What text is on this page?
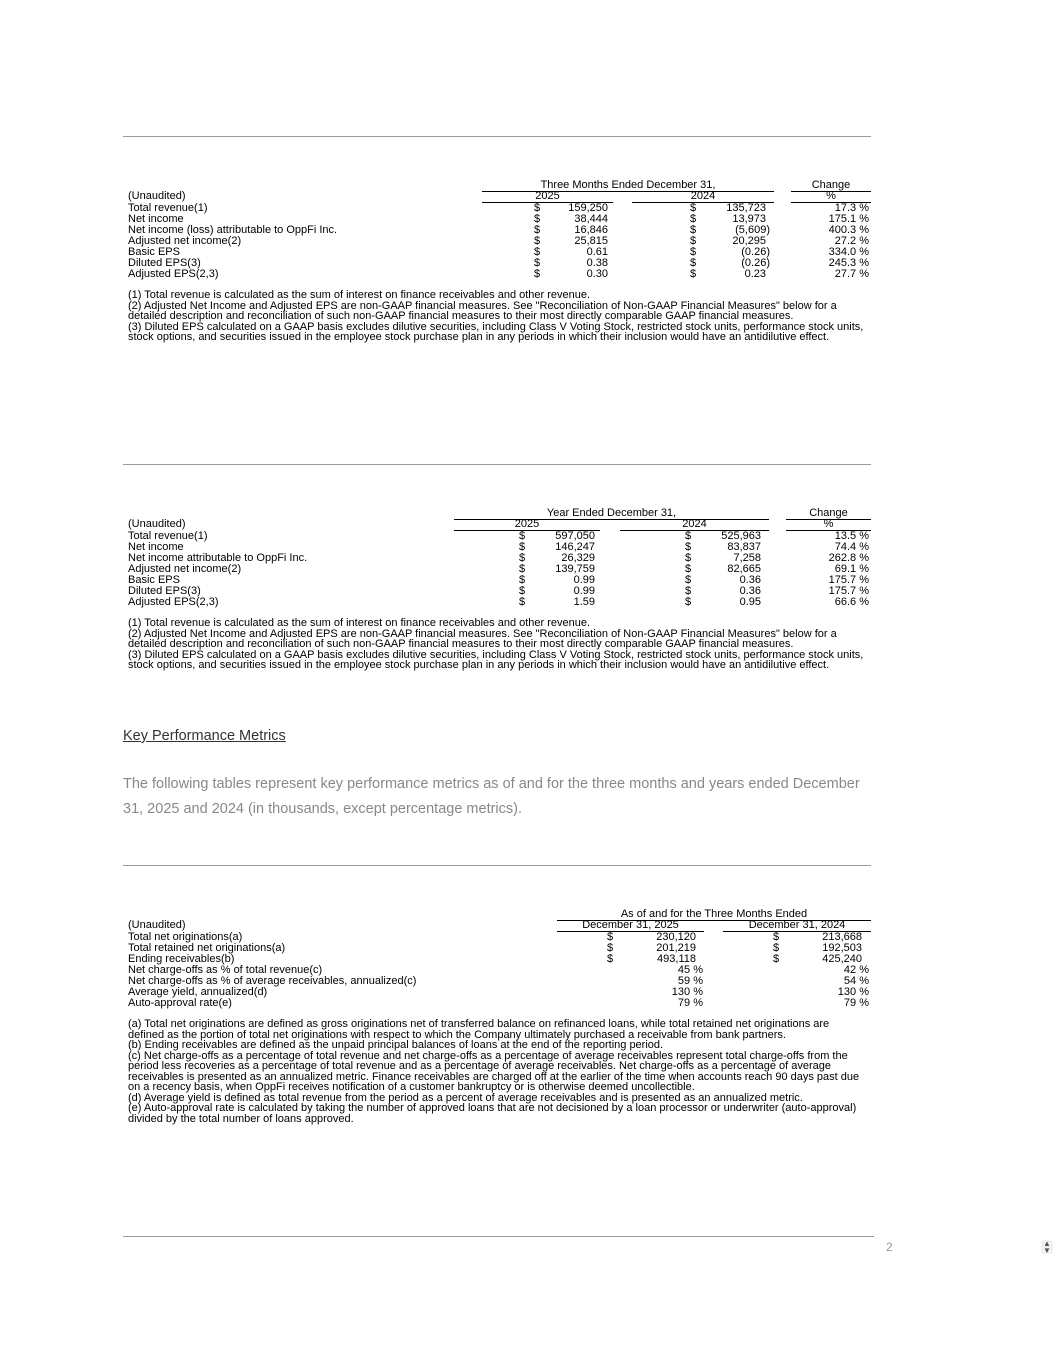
Three Months Ended December 31,	Change
(Unaudited)	2025	2024	%
Total revenue(1)	$	159,250	$	135,723	17.3 %
Net income	$	38,444	$	13,973	175.1 %
Net income (loss) attributable to OppFi Inc.	$	16,846	$	(5,609)	400.3 %
Adjusted net income(2)	$	25,815	$	20,295	27.2 %
Basic EPS	$	0.61	$	(0.26)	334.0 %
Diluted EPS(3)	$	0.38	$	(0.26)	245.3 %
Adjusted EPS(2,3)	$	0.30	$	0.23	27.7 %

(1) Total revenue is calculated as the sum of interest on finance receivables and other revenue.

(2) Adjusted Net Income and Adjusted EPS are non-GAAP financial measures. See "Reconciliation of Non-GAAP Financial Measures" below for a detailed description and reconciliation of such non-GAAP financial measures to their most directly comparable GAAP financial measures.

(3) Diluted EPS calculated on a GAAP basis excludes dilutive securities, including Class V Voting Stock, restricted stock units, performance stock units, stock options, and securities issued in the employee stock purchase plan in any periods in which their inclusion would have an antidilutive effect.

Year Ended December 31,	Change
(Unaudited)	2025	2024	%
Total revenue(1)	$	597,050	$	525,963	13.5 %
Net income	$	146,247	$	83,837	74.4 %
Net income attributable to OppFi Inc.	$	26,329	$	7,258	262.8 %
Adjusted net income(2)	$	139,759	$	82,665	69.1 %
Basic EPS	$	0.99	$	0.36	175.7 %
Diluted EPS(3)	$	0.99	$	0.36	175.7 %
Adjusted EPS(2,3)	$	1.59	$	0.95	66.6 %

(1) Total revenue is calculated as the sum of interest on finance receivables and other revenue.

(2) Adjusted Net Income and Adjusted EPS are non-GAAP financial measures. See "Reconciliation of Non-GAAP Financial Measures" below for a detailed description and reconciliation of such non-GAAP financial measures to their most directly comparable GAAP financial measures.

(3) Diluted EPS calculated on a GAAP basis excludes dilutive securities, including Class V Voting Stock, restricted stock units, performance stock units, stock options, and securities issued in the employee stock purchase plan in any periods in which their inclusion would have an antidilutive effect.

Key Performance Metrics
The following tables represent key performance metrics as of and for the three months and years ended December 31, 2025 and 2024 (in thousands, except percentage metrics).
As of and for the Three Months Ended
(Unaudited)	December 31, 2025	December 31, 2024
Total net originations(a)	$	230,120	$	213,668
Total retained net originations(a)	$	201,219	$	192,503
Ending receivables(b)	$	493,118	$	425,240
Net charge-offs as % of total revenue(c)	45 %	42 %
Net charge-offs as % of average receivables, annualized(c)	59 %	54 %
Average yield, annualized(d)	130 %	130 %
Auto-approval rate(e)	79 %	79 %

(a) Total net originations are defined as gross originations net of transferred balance on refinanced loans, while total retained net originations are defined as the portion of total net originations with respect to which the Company ultimately purchased a receivable from bank partners.

(b) Ending receivables are defined as the unpaid principal balances of loans at the end of the reporting period.

(c) Net charge-offs as a percentage of total revenue and net charge-offs as a percentage of average receivables represent total charge-offs from the period less recoveries as a percentage of total revenue and as a percentage of average receivables. Net charge-offs as a percentage of average receivables is presented as an annualized metric. Finance receivables are charged off at the earlier of the time when accounts reach 90 days past due on a recency basis, when OppFi receives notification of a customer bankruptcy or is otherwise deemed uncollectible.

(d) Average yield is defined as total revenue from the period as a percent of average receivables and is presented as an annualized metric.

(e) Auto-approval rate is calculated by taking the number of approved loans that are not decisioned by a loan processor or underwriter (auto-approval) divided by the total number of loans approved.

2	▲
▼
